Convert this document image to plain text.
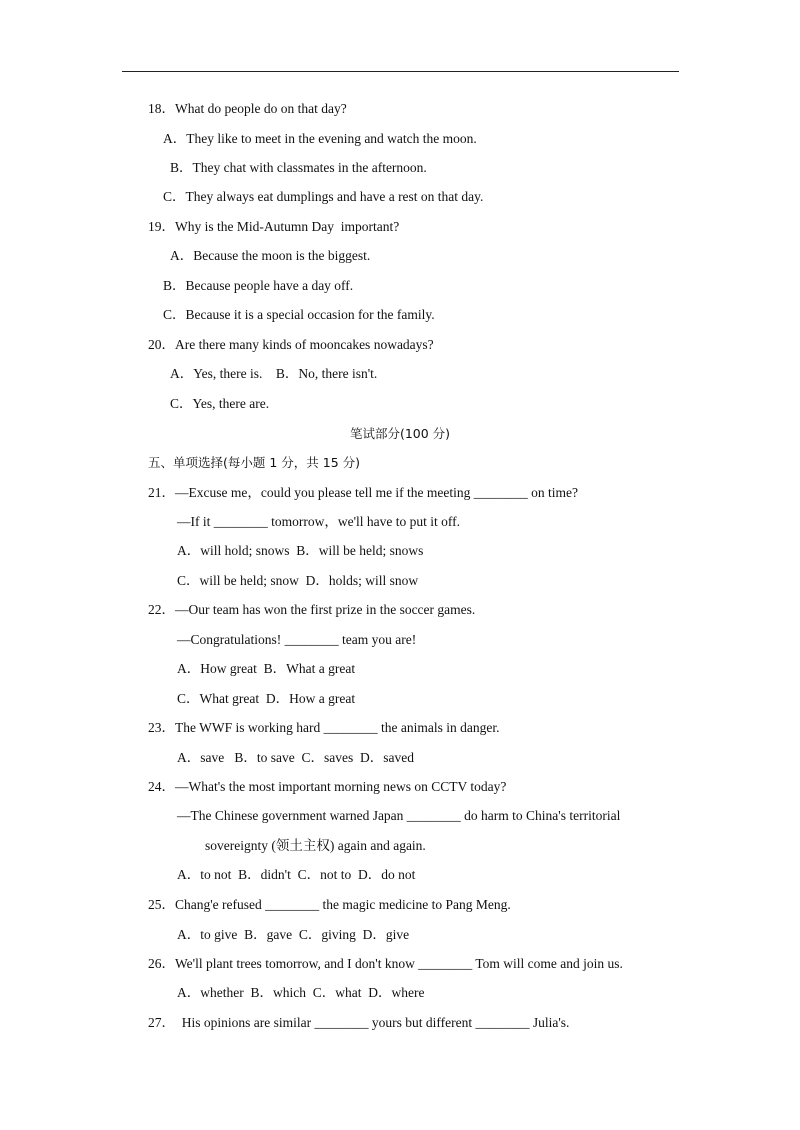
18．What do people do on that day?
A．They like to meet in the evening and watch the moon.
B．They chat with classmates in the afternoon.
C．They always eat dumplings and have a rest on that day.
19．Why is the Mid-Autumn Day  important?
A．Because the moon is the biggest.
B．Because people have a day off.
C．Because it is a special occasion for the family.
20．Are there many kinds of mooncakes nowadays?
A．Yes, there is.    B．No, there isn't.
C．Yes, there are.
笔试部分(100 分)
五、单项选择(每小题 1 分，共 15 分)
21．—Excuse me，could you please tell me if the meeting ________ on time?
—If it ________ tomorrow，we'll have to put it off.
A．will hold; snows  B．will be held; snows
C．will be held; snow  D．holds; will snow
22．—Our team has won the first prize in the soccer games.
—Congratulations! ________ team you are!
A．How great  B．What a great
C．What great  D．How a great
23．The WWF is working hard ________ the animals in danger.
A．save   B．to save  C．saves  D．saved
24．—What's the most important morning news on CCTV today?
—The Chinese government warned Japan ________ do harm to China's territorial
sovereignty (领土主权) again and again.
A．to not  B．didn't  C．not to  D．do not
25．Chang'e refused ________ the magic medicine to Pang Meng.
A．to give  B．gave  C．giving  D．give
26．We'll plant trees tomorrow, and I don't know ________ Tom will come and join us.
A．whether  B．which  C．what  D．where
27．  His opinions are similar ________ yours but different ________ Julia's.
